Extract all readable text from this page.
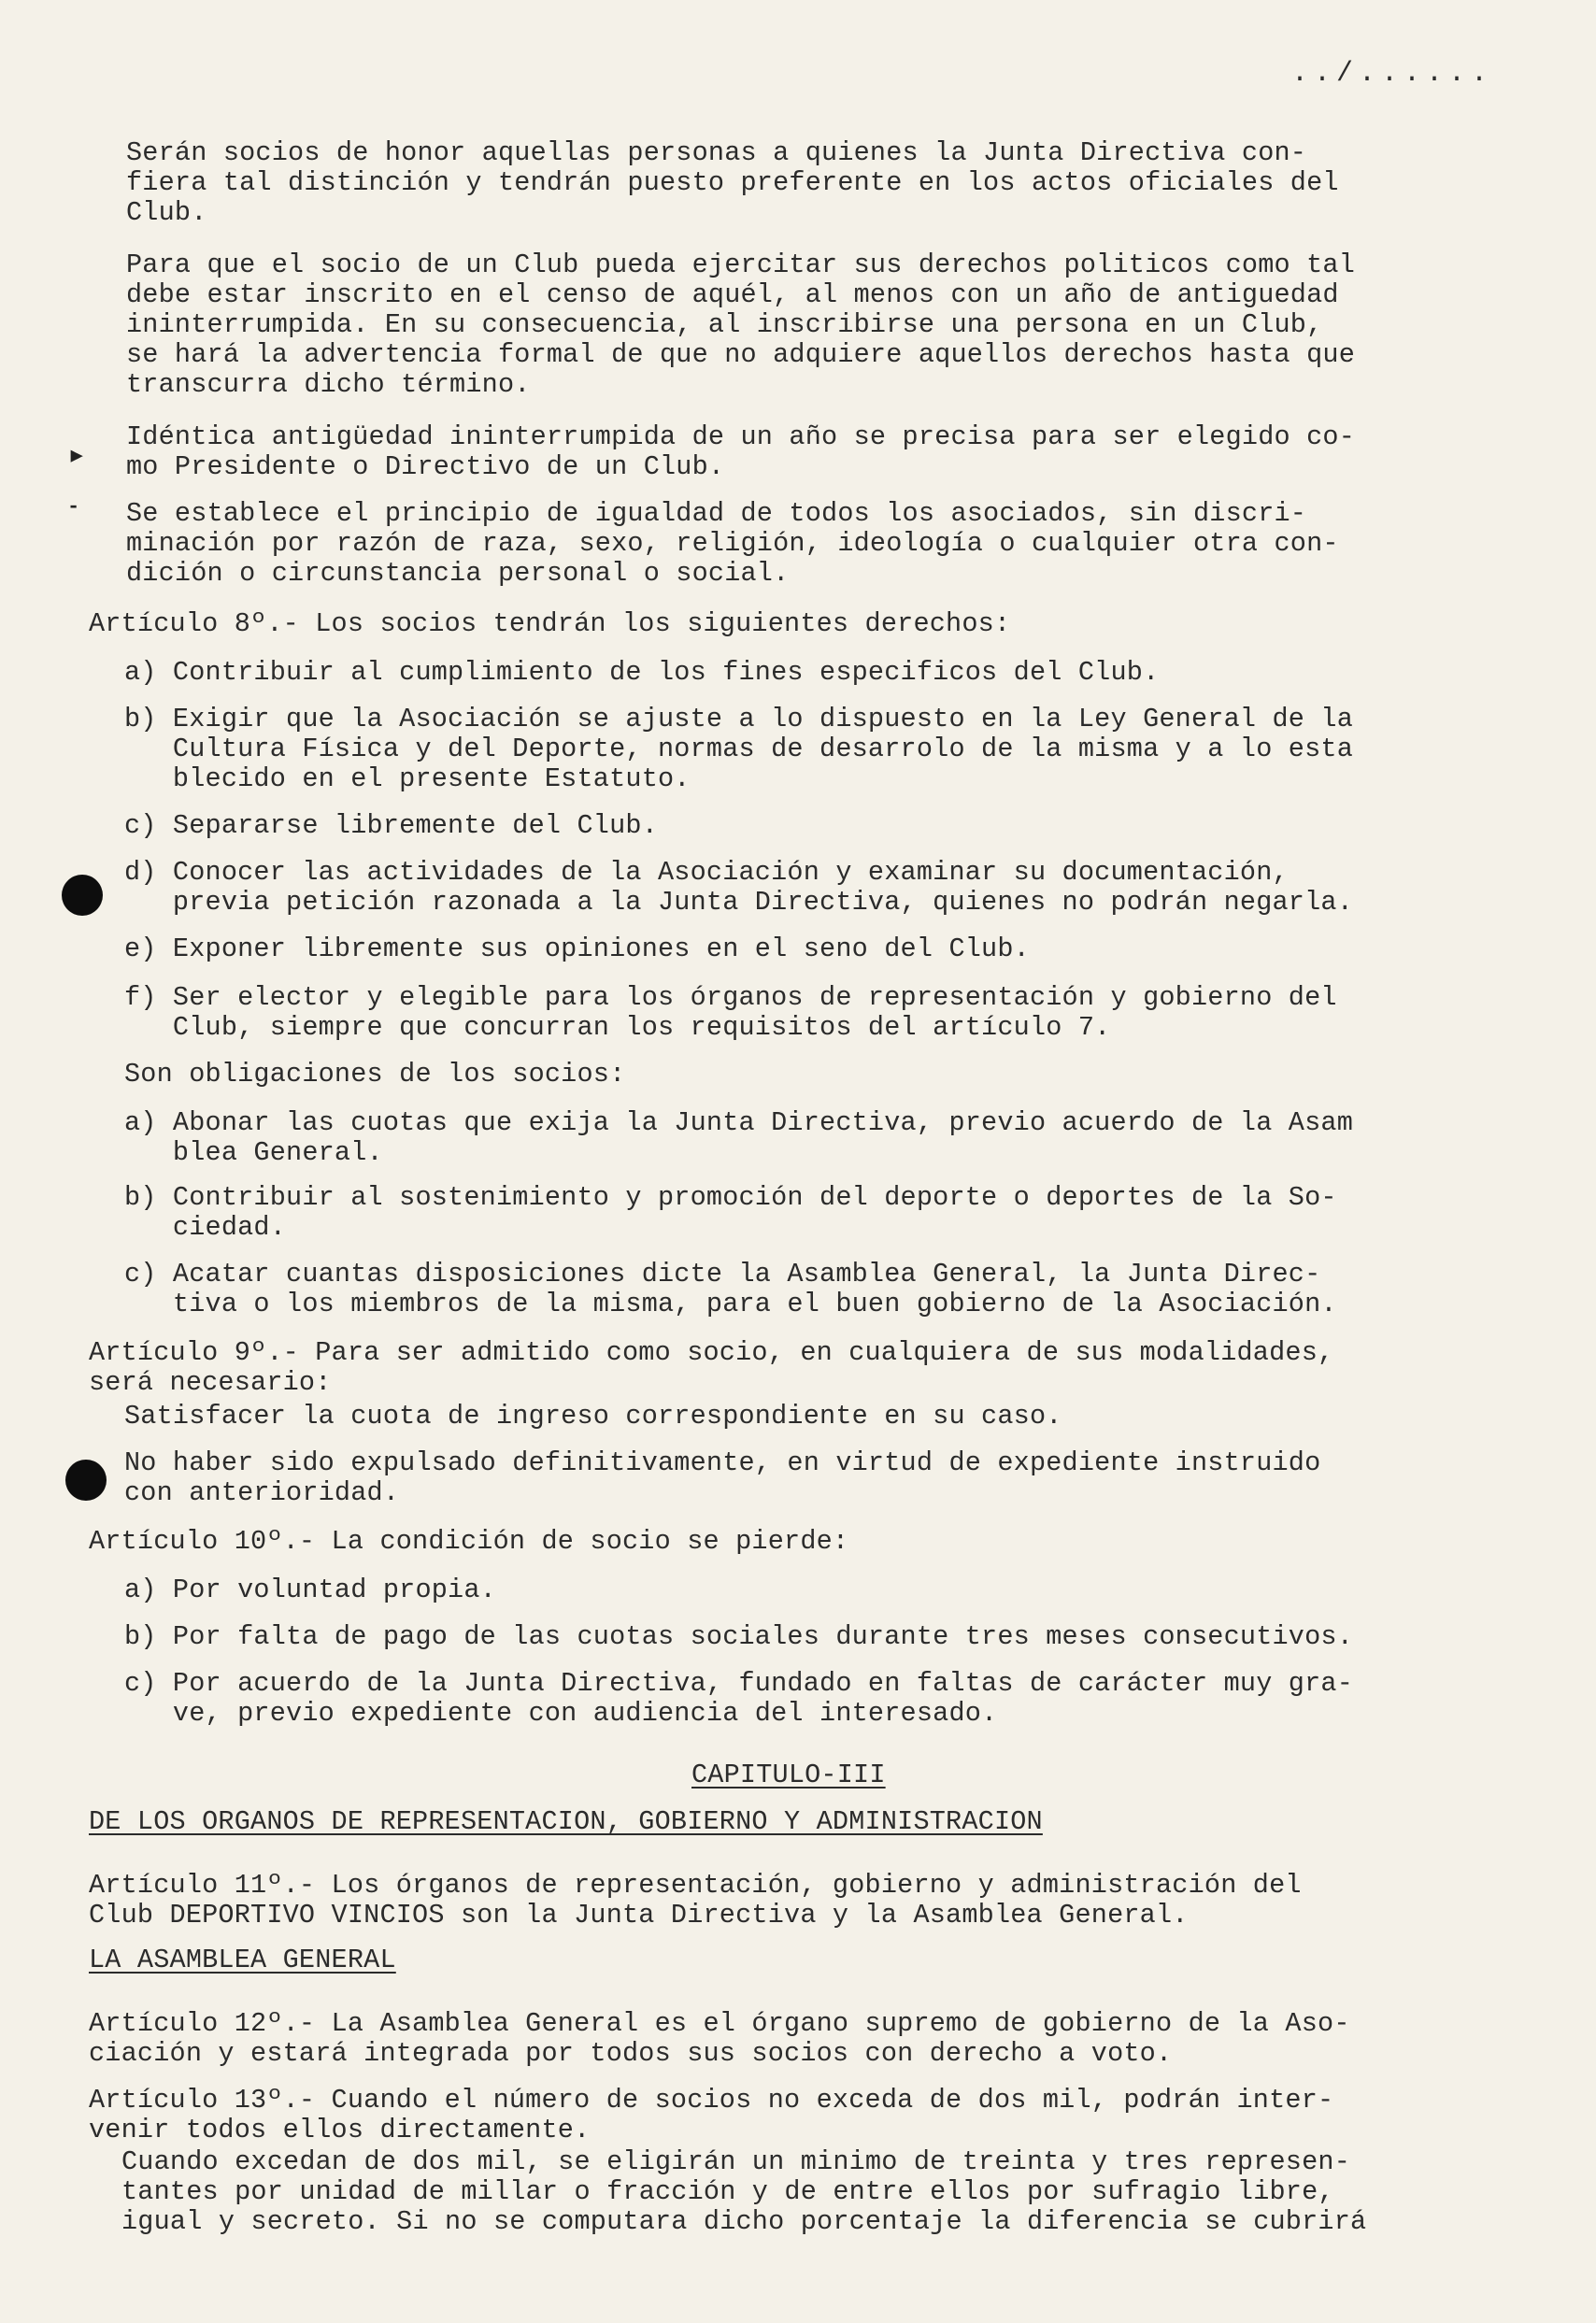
../......
Serán socios de honor aquellas personas a quienes la Junta Directiva con-
fiera tal distinción y tendrán puesto preferente en los actos oficiales del
Club.
Para que el socio de un Club pueda ejercitar sus derechos politicos como tal
debe estar inscrito en el censo de aquél, al menos con un año de antiguedad
ininterrumpida. En su consecuencia, al inscribirse una persona en un Club,
se hará la advertencia formal de que no adquiere aquellos derechos hasta que
transcurra dicho término.
▸
Idéntica antigüedad ininterrumpida de un año se precisa para ser elegido co-
mo Presidente o Directivo de un Club.
- Se establece el principio de igualdad de todos los asociados, sin discri-
minación por razón de raza, sexo, religión, ideología o cualquier otra con-
dición o circunstancia personal o social.
Artículo 8º.- Los socios tendrán los siguientes derechos:
a) Contribuir al cumplimiento de los fines especificos del Club.
b) Exigir que la Asociación se ajuste a lo dispuesto en la Ley General de la
Cultura Física y del Deporte, normas de desarrolo de la misma y a lo esta
blecido en el presente Estatuto.
c) Separarse libremente del Club.
d) Conocer las actividades de la Asociación y examinar su documentación,
previa petición razonada a la Junta Directiva, quienes no podrán negarla.
e) Exponer libremente sus opiniones en el seno del Club.
f) Ser elector y elegible para los órganos de representación y gobierno del
Club, siempre que concurran los requisitos del artículo 7.
Son obligaciones de los socios:
a) Abonar las cuotas que exija la Junta Directiva, previo acuerdo de la Asam
blea General.
b) Contribuir al sostenimiento y promoción del deporte o deportes de la So-
ciedad.
c) Acatar cuantas disposiciones dicte la Asamblea General, la Junta Direc-
tiva o los miembros de la misma, para el buen gobierno de la Asociación.
Artículo 9º.- Para ser admitido como socio, en cualquiera de sus modalidades,
será necesario:
Satisfacer la cuota de ingreso correspondiente en su caso.
No haber sido expulsado definitivamente, en virtud de expediente instruido
con anterioridad.
Artículo 10º.- La condición de socio se pierde:
a) Por voluntad propia.
b) Por falta de pago de las cuotas sociales durante tres meses consecutivos.
c) Por acuerdo de la Junta Directiva, fundado en faltas de carácter muy gra-
ve, previo expediente con audiencia del interesado.
CAPITULO-III
DE LOS ORGANOS DE REPRESENTACION, GOBIERNO Y ADMINISTRACION
Artículo 11º.- Los órganos de representación, gobierno y administración del
Club DEPORTIVO VINCIOS son la Junta Directiva y la Asamblea General.
LA ASAMBLEA GENERAL
Artículo 12º.- La Asamblea General es el órgano supremo de gobierno de la Aso-
ciación y estará integrada por todos sus socios con derecho a voto.
Artículo 13º.- Cuando el número de socios no exceda de dos mil, podrán inter-
venir todos ellos directamente.
Cuando excedan de dos mil, se eligirán un minimo de treinta y tres represen-
tantes por unidad de millar o fracción y de entre ellos por sufragio libre,
igual y secreto. Si no se computara dicho porcentaje la diferencia se cubrirá
